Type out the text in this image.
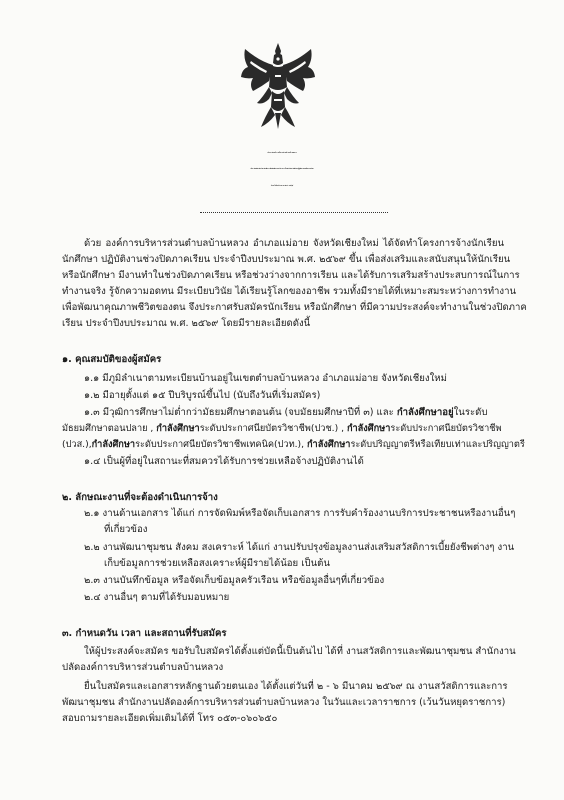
ประกาศองค์การบริหารส่วนตำบลบ้านหลวง
เรื่อง รับสมัครนักเรียน นักศึกษา เพื่อคัดเลือกตามโครงการจ้างนักเรียน นักศึกษาปฏิบัติงานช่วงปิดภาคเรียน
ประจำปีงบประมาณ พ.ศ. ๒๕๖๙
ด้วย องค์การบริหารส่วนตำบลบ้านหลวง อำเภอแม่อาย จังหวัดเชียงใหม่ ได้จัดทำโครงการจ้างนักเรียน
นักศึกษา ปฏิบัติงานช่วงปิดภาคเรียน ประจำปีงบประมาณ พ.ศ. ๒๕๖๙ ขึ้น เพื่อส่งเสริมและสนับสนุนให้นักเรียน
หรือนักศึกษา มีงานทำในช่วงปิดภาคเรียน หรือช่วงว่างจากการเรียน และได้รับการเสริมสร้างประสบการณ์ในการ
ทำงานจริง รู้จักความอดทน มีระเบียบวินัย ได้เรียนรู้โลกของอาชีพ รวมทั้งมีรายได้ที่เหมาะสมระหว่างการทำงาน
เพื่อพัฒนาคุณภาพชีวิตของตน จึงประกาศรับสมัครนักเรียน หรือนักศึกษา ที่มีความประสงค์จะทำงานในช่วงปิดภาค
เรียน ประจำปีงบประมาณ พ.ศ. ๒๕๖๙ โดยมีรายละเอียดดังนี้
๑. คุณสมบัติของผู้สมัคร
๑.๑ มีภูมิลำเนาตามทะเบียนบ้านอยู่ในเขตตำบลบ้านหลวง อำเภอแม่อาย จังหวัดเชียงใหม่
๑.๒ มีอายุตั้งแต่ ๑๕ ปีบริบูรณ์ขึ้นไป (นับถึงวันที่เริ่มสมัคร)
๑.๓ มีวุฒิการศึกษาไม่ต่ำกว่ามัธยมศึกษาตอนต้น (จบมัธยมศึกษาปีที่ ๓) และ กำลังศึกษาอยู่ในระดับ
มัธยมศึกษาตอนปลาย , กำลังศึกษาระดับประกาศนียบัตรวิชาชีพ(ปวช.) , กำลังศึกษาระดับประกาศนียบัตรวิชาชีพ
(ปวส.),กำลังศึกษาระดับประกาศนียบัตรวิชาชีพเทคนิค(ปวท.), กำลังศึกษาระดับปริญญาตรีหรือเทียบเท่าและปริญญาตรี
๑.๔ เป็นผู้ที่อยู่ในสถานะที่สมควรได้รับการช่วยเหลือจ้างปฏิบัติงานได้
๒. ลักษณะงานที่จะต้องดำเนินการจ้าง
๒.๑ งานด้านเอกสาร ได้แก่ การจัดพิมพ์หรือจัดเก็บเอกสาร การรับคำร้องงานบริการประชาชนหรืองานอื่นๆ
ที่เกี่ยวข้อง
๒.๒ งานพัฒนาชุมชน สังคม สงเคราะห์ ได้แก่ งานปรับปรุงข้อมูลงานส่งเสริมสวัสดิการเบี้ยยังชีพต่างๆ งาน
เก็บข้อมูลการช่วยเหลือสงเคราะห์ผู้มีรายได้น้อย เป็นต้น
๒.๓ งานบันทึกข้อมูล หรือจัดเก็บข้อมูลครัวเรือน หรือข้อมูลอื่นๆที่เกี่ยวข้อง
๒.๔ งานอื่นๆ ตามที่ได้รับมอบหมาย
๓. กำหนดวัน เวลา และสถานที่รับสมัคร
ให้ผู้ประสงค์จะสมัคร ขอรับใบสมัครได้ตั้งแต่บัดนี้เป็นต้นไป ได้ที่ งานสวัสดิการและพัฒนาชุมชน สำนักงาน
ปลัดองค์การบริหารส่วนตำบลบ้านหลวง
ยื่นใบสมัครและเอกสารหลักฐานด้วยตนเอง ได้ตั้งแต่วันที่ ๒ - ๖ มีนาคม ๒๕๖๙ ณ งานสวัสดิการและการ
พัฒนาชุมชน สำนักงานปลัดองค์การบริหารส่วนตำบลบ้านหลวง ในวันและเวลาราชการ (เว้นวันหยุดราชการ)
สอบถามรายละเอียดเพิ่มเติมได้ที่ โทร ๐๕๓-๐๖๐๖๕๐
